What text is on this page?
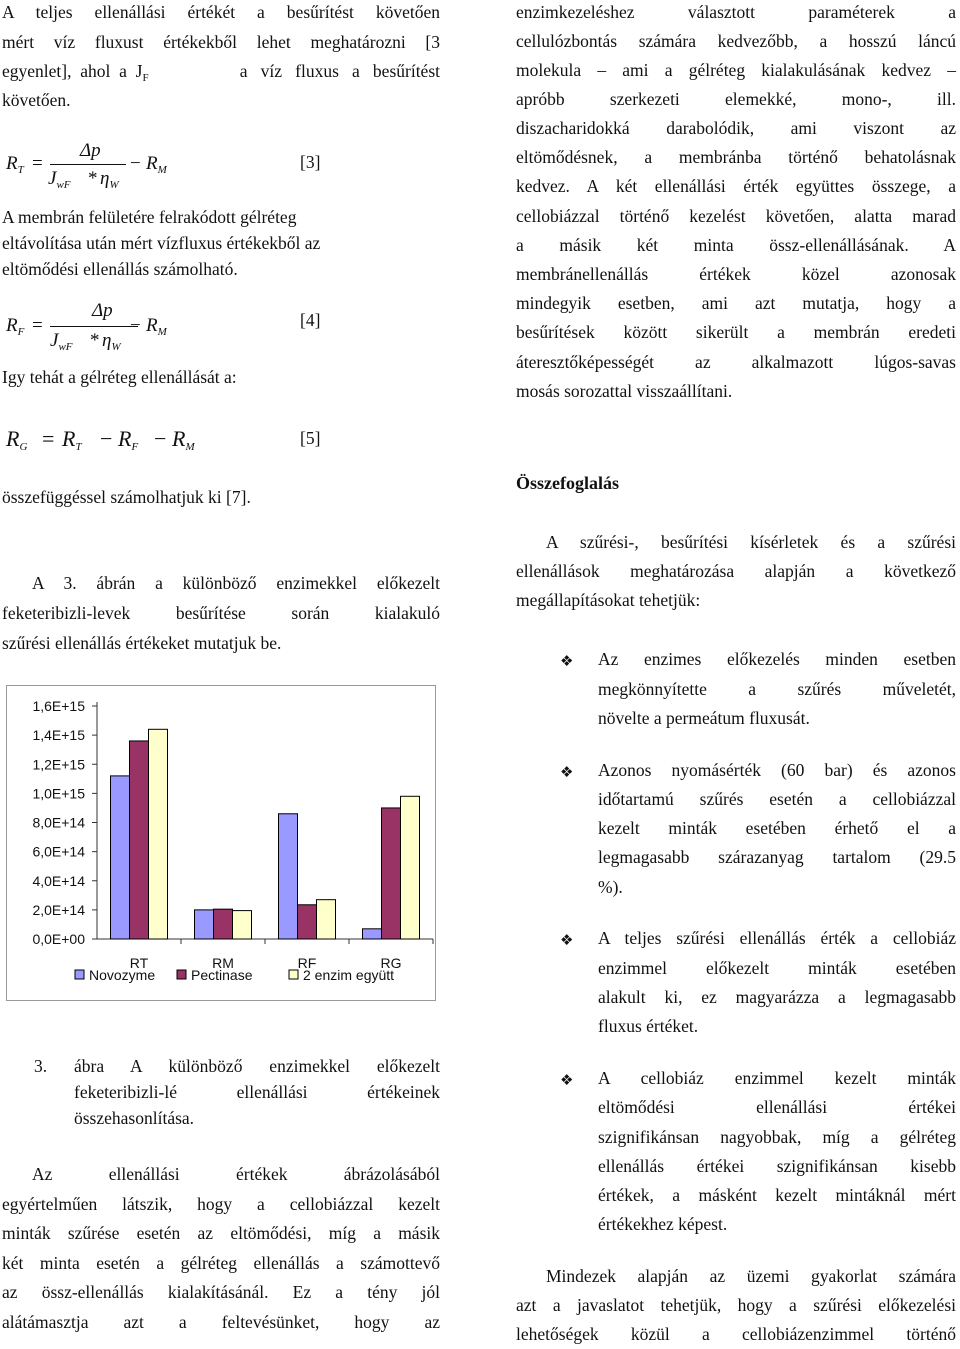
A teljes ellenállási értékét a besűrítést követően
mért víz fluxust értékekből lehet meghatározni [3
egyenlet],  ahol  a  $J_F$	a   víz   fluxus   a   besűrítést
követően.
$R_T$ =
Δp
$J_{wF} * \eta_W$
− $R_M$	[3]
A membrán felületére felrakódott gélréteg
eltávolítása után mért vízfluxus értékekből az
eltömődési ellenállás számolható.
$R_F$ =
Δp
$J_{wF} * \eta_W$
− $R_M$
[4]
Igy tehát a gélréteg ellenállását a:
$R_G = R_T - R_F - R_M$	[5]
összefüggéssel számolhatjuk ki [7].
A 3. ábrán a különböző enzimekkel előkezelt
feketeribizli-levek besűrítése során kialakuló
szűrési ellenállás értékeket mutatjuk be.
0,0E+00
2,0E+14
4,0E+14
6,0E+14
8,0E+14
1,0E+15
1,2E+15
1,4E+15
1,6E+15
RT	RM	RF	RG
Novozyme	Pectinase	2 enzim együtt
3. ábra A különböző enzimekkel előkezelt
feketeribizli-lé ellenállási értékeinek
összehasonlítása.
Az ellenállási értékek ábrázolásából
egyértelműen látszik, hogy a cellobiázzal kezelt
minták szűrése esetén az eltömődési, míg a másik
két minta esetén a gélréteg ellenállás a számottevő
az össz-ellenállás kialakításánál. Ez a tény jól
alátámasztja azt a feltevésünket, hogy az
enzimkezeléshez választott paraméterek a
cellulózbontás számára kedvezőbb, a hosszú láncú
molekula – ami a gélréteg kialakulásának kedvez –
apróbb szerkezeti elemekké, mono-, ill.
diszacharidokká darabolódik, ami viszont az
eltömődésnek, a membránba történő behatolásnak
kedvez. A két ellenállási érték együttes összege, a
cellobiázzal történő kezelést követően, alatta marad
a másik két minta össz-ellenállásának. A
membránellenállás értékek közel azonosak
mindegyik esetben, ami azt mutatja, hogy a
besűrítések között sikerült a membrán eredeti
áteresztőképességét az alkalmazott lúgos-savas
mosás sorozattal visszaállítani.
Összefoglalás
A szűrési-, besűrítési kísérletek és a szűrési
ellenállások meghatározása alapján a következő
megállapításokat tehetjük:
❖ Az enzimes előkezelés minden esetben
megkönnyítette a szűrés műveletét,
növelte a permeátum fluxusát.
❖ Azonos nyomásérték (60 bar) és azonos
időtartamú szűrés esetén a cellobiázzal
kezelt minták esetében érhető el a
legmagasabb szárazanyag tartalom (29.5
%).
❖ A teljes szűrési ellenállás érték a cellobiáz
enzimmel előkezelt minták esetében
alakult ki, ez magyarázza a legmagasabb
fluxus értéket.
❖ A cellobiáz enzimmel kezelt minták
eltömődési ellenállási értékei
szignifikánsan nagyobbak, míg a gélréteg
ellenállás értékei szignifikánsan kisebb
értékek, a másként kezelt mintáknál mért
értékekhez képest.
Mindezek alapján az üzemi gyakorlat számára
azt a javaslatot tehetjük, hogy a szűrési előkezelési
lehetőségek közül a cellobiázenzimmel történő
